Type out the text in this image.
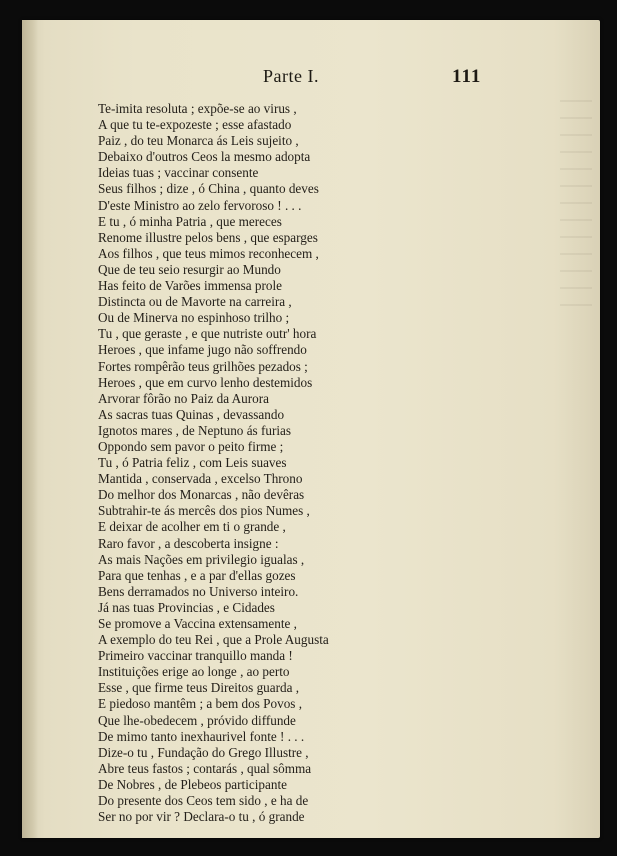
Parte I.	111
Te-imita resoluta ; expõe-se ao virus ,
A que tu te-expozeste ; esse afastado
Paiz , do teu Monarca ás Leis sujeito ,
Debaixo d'outros Ceos la mesmo adopta
Ideias tuas ; vaccinar consente
Seus filhos ; dize , ó China , quanto deves
D'este Ministro ao zelo fervoroso ! . . .
E tu , ó minha Patria , que mereces
Renome illustre pelos bens , que esparges
Aos filhos , que teus mimos reconhecem ,
Que de teu seio resurgir ao Mundo
Has feito de Varões immensa prole
Distincta ou de Mavorte na carreira ,
Ou de Minerva no espinhoso trilho ;
Tu , que geraste , e que nutriste outr' hora
Heroes , que infame jugo não soffrendo
Fortes rompêrão teus grilhões pezados ;
Heroes , que em curvo lenho destemidos
Arvorar fôrão no Paiz da Aurora
As sacras tuas Quinas , devassando
Ignotos mares , de Neptuno ás furias
Oppondo sem pavor o peito firme ;
Tu , ó Patria feliz , com Leis suaves
Mantida , conservada , excelso Throno
Do melhor dos Monarcas , não devêras
Subtrahir-te ás mercês dos pios Numes ,
E deixar de acolher em ti o grande ,
Raro favor , a descoberta insigne :
As mais Nações em privilegio igualas ,
Para que tenhas , e a par d'ellas gozes
Bens derramados no Universo inteiro.
Já nas tuas Provincias , e Cidades
Se promove a Vaccina extensamente ,
A exemplo do teu Rei , que a Prole Augusta
Primeiro vaccinar tranquillo manda !
Instituições erige ao longe , ao perto
Esse , que firme teus Direitos guarda ,
E piedoso mantêm ; a bem dos Povos ,
Que lhe-obedecem , próvido diffunde
De mimo tanto inexhaurivel fonte ! . . .
Dize-o tu , Fundação do Grego Illustre ,
Abre teus fastos ; contarás , qual sômma
De Nobres , de Plebeos participante
Do presente dos Ceos tem sido , e ha de
Ser no por vir ? Declara-o tu , ó grande
